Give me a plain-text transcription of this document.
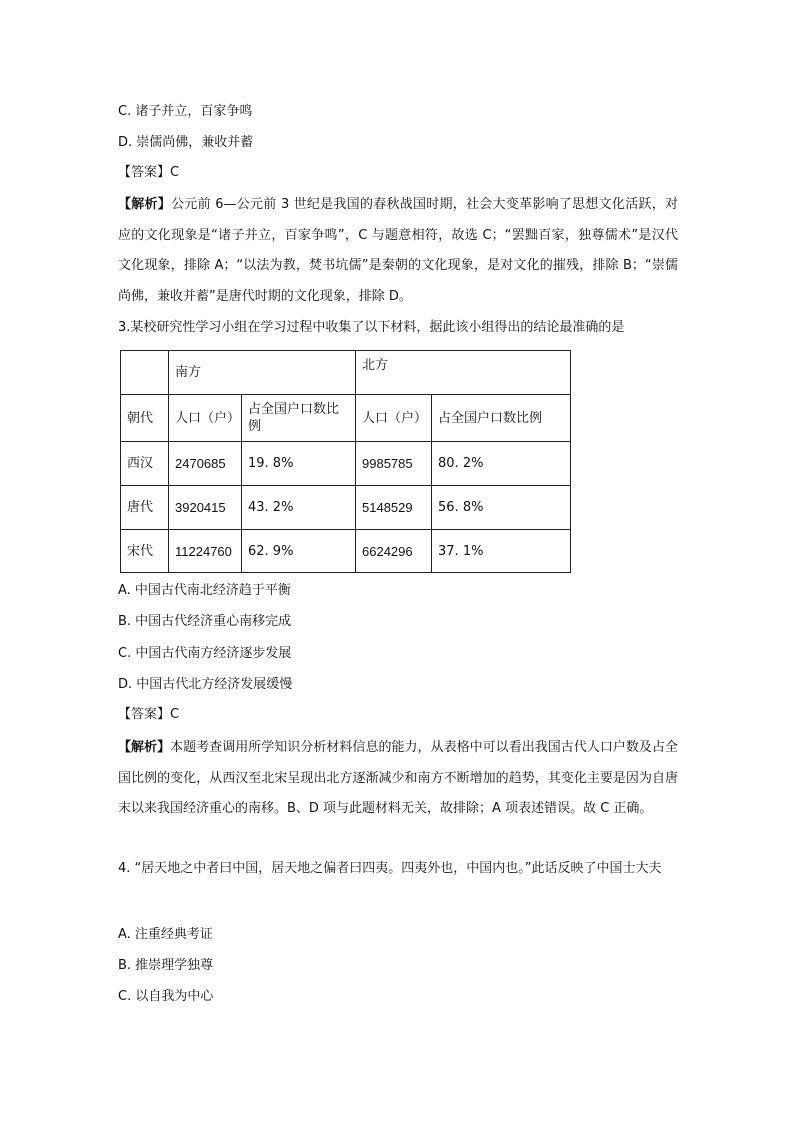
C. 诸子并立，百家争鸣
D. 崇儒尚佛，兼收并蓄
【答案】C
【解析】公元前 6—公元前 3 世纪是我国的春秋战国时期，社会大变革影响了思想文化活跃，对应的文化现象是“诸子并立，百家争鸣”，C 与题意相符，故选 C；“罢黜百家，独尊儒术”是汉代文化现象，排除 A；“以法为教，焚书坑儒”是秦朝的文化现象，是对文化的摧残，排除 B；“崇儒尚佛，兼收并蓄”是唐代时期的文化现象，排除 D。
3.某校研究性学习小组在学习过程中收集了以下材料，据此该小组得出的结论最准确的是
	南方		北方	
朝代	人口（户）	占全国户口数比例	人口（户）	占全国户口数比例
西汉	2470685	19. 8%	9985785	80. 2%
唐代	3920415	43. 2%	5148529	56. 8%
宋代	11224760	62. 9%	6624296	37. 1%
A. 中国古代南北经济趋于平衡
B. 中国古代经济重心南移完成
C. 中国古代南方经济逐步发展
D. 中国古代北方经济发展缓慢
【答案】C
【解析】本题考查调用所学知识分析材料信息的能力，从表格中可以看出我国古代人口户数及占全国比例的变化，从西汉至北宋呈现出北方逐渐减少和南方不断增加的趋势，其变化主要是因为自唐末以来我国经济重心的南移。B、D 项与此题材料无关，故排除；A 项表述错误。故 C 正确。
4. “居天地之中者曰中国，居天地之偏者曰四夷。四夷外也，中国内也。”此话反映了中国士大夫
A. 注重经典考证
B. 推崇理学独尊
C. 以自我为中心
